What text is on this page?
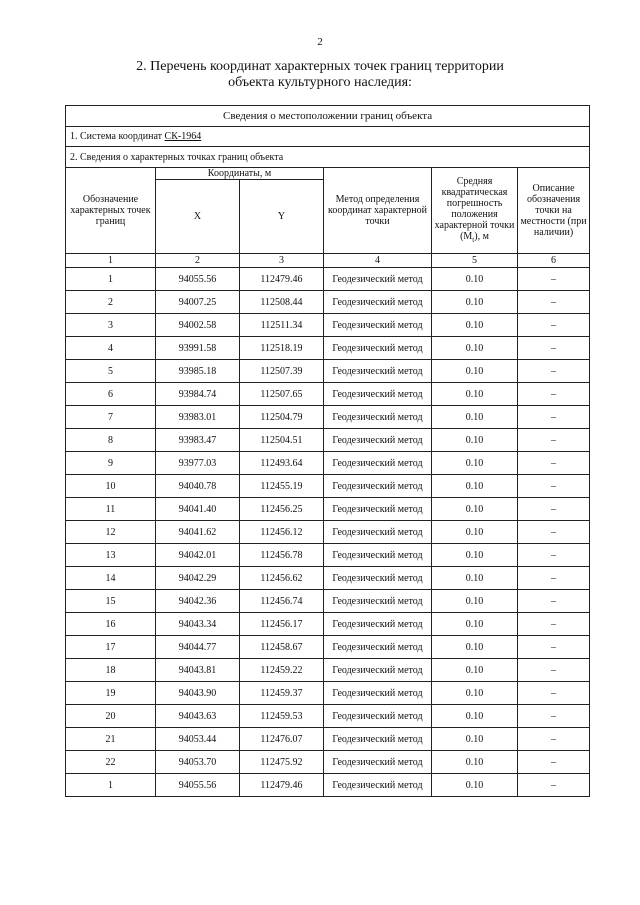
2
2. Перечень координат характерных точек границ территории
объекта культурного наследия:
Сведения о местоположении границ объекта					
1. Система координат СК-1964					
2. Сведения о характерных точках границ объекта					
Обозначение характерных точек границ	Координаты, м		Метод определения координат характерной точки	Средняя квадратическая погрешность положения характерной точки $(M_t)$, м	Описание обозначения точки на местности (при наличии)
	X	Y			
1	2	3	4	5	6
1	94055.56	112479.46	Геодезический метод	0.10	–
2	94007.25	112508.44	Геодезический метод	0.10	–
3	94002.58	112511.34	Геодезический метод	0.10	–
4	93991.58	112518.19	Геодезический метод	0.10	–
5	93985.18	112507.39	Геодезический метод	0.10	–
6	93984.74	112507.65	Геодезический метод	0.10	–
7	93983.01	112504.79	Геодезический метод	0.10	–
8	93983.47	112504.51	Геодезический метод	0.10	–
9	93977.03	112493.64	Геодезический метод	0.10	–
10	94040.78	112455.19	Геодезический метод	0.10	–
11	94041.40	112456.25	Геодезический метод	0.10	–
12	94041.62	112456.12	Геодезический метод	0.10	–
13	94042.01	112456.78	Геодезический метод	0.10	–
14	94042.29	112456.62	Геодезический метод	0.10	–
15	94042.36	112456.74	Геодезический метод	0.10	–
16	94043.34	112456.17	Геодезический метод	0.10	–
17	94044.77	112458.67	Геодезический метод	0.10	–
18	94043.81	112459.22	Геодезический метод	0.10	–
19	94043.90	112459.37	Геодезический метод	0.10	–
20	94043.63	112459.53	Геодезический метод	0.10	–
21	94053.44	112476.07	Геодезический метод	0.10	–
22	94053.70	112475.92	Геодезический метод	0.10	–
1	94055.56	112479.46	Геодезический метод	0.10	–
